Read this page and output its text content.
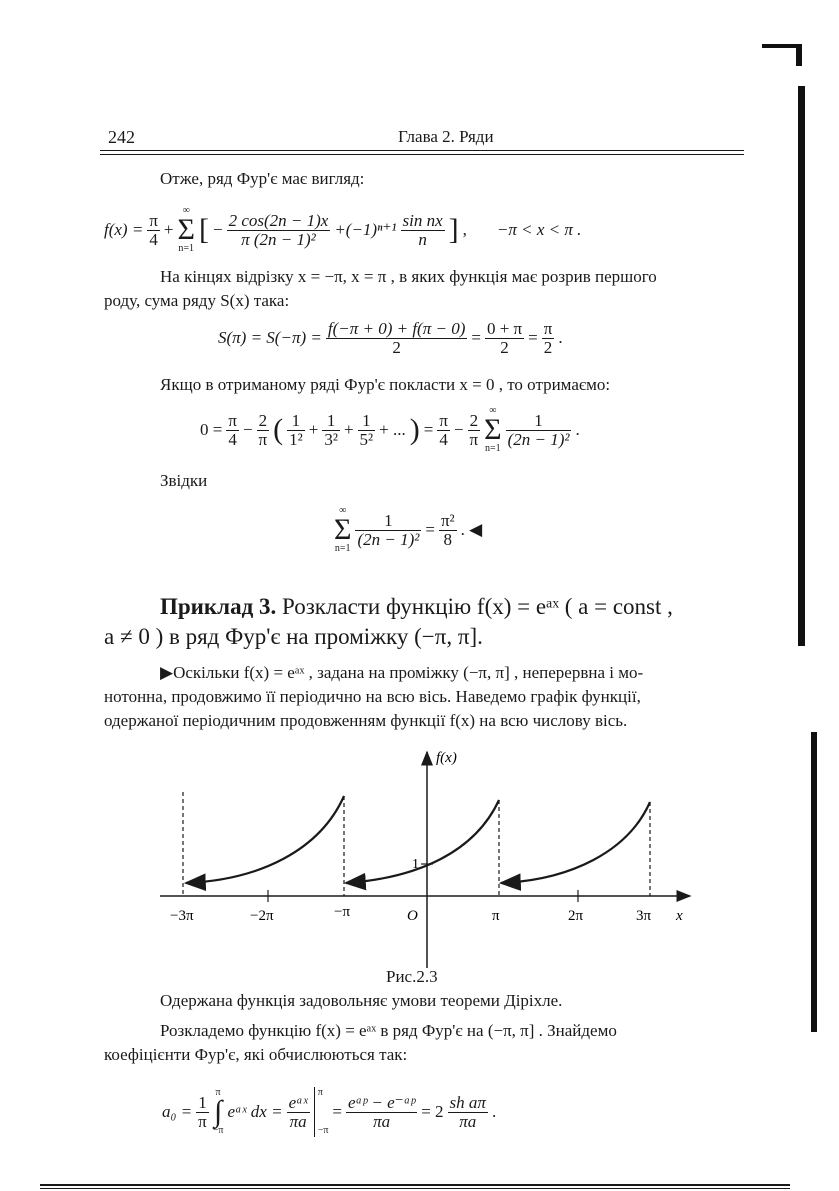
242	Глава 2. Ряди
Отже, ряд Фур'є має вигляд:
$f(x) = \frac{\pi}{4}$ +
∞
Σ
n=1
[ − $\frac{2 \cos(2n - 1)x}{\text{π (2n − 1)²}} +(-1)^{n+1} \frac{\text{sin nx}}{n}$ ] , −π < x < π .
На кінцях відрізку x = −π, x = π , в яких функція має розрив першого
роду, сума ряду S(x) така:
$S(\pi) = S(-\pi) = \frac{f(-\pi + 0) + f(\pi - 0)}{2} = \frac{0 + \pi}{2} = \frac{\pi}{2}$ .
Якщо в отриманому ряді Фур'є покласти x = 0 , то отримаємо:
$0 = \frac{\pi}{4} - \frac{2}{\pi}$ ( $\frac{1}{\text{1²}} + \frac{1}{\text{3²}} + \frac{1}{\text{5²}}$ + ... ) = $\frac{\pi}{4} - \frac{2}{\pi}$
∞
Σ
$n=1 \frac{1}{\text{(2n − 1)²}}$ .
Звідки
∞
Σ
$n=1 \frac{1}{\text{(2n − 1)²}} = \frac{\text{π²}}{8}$ . ◀
Приклад 3. Розкласти функцію f(x) = eᵃˣ ( a = const ,
a ≠ 0 ) в ряд Фур'є на проміжку (−π, π].
▶Оскільки f(x) = eᵃˣ , задана на проміжку (−π, π] , неперервна і мо-
нотонна, продовжимо її періодично на всю вісь. Наведемо графік функції,
одержаної періодичним продовженням функції f(x) на всю числову вісь.
f(x)
1
O	x
−3π	−2π	−π	π	2π	3π
Рис.2.3
Одержана функція задовольняє умови теореми Діріхле.
Розкладемо функцію f(x) = eᵃˣ в ряд Фур'є на (−π, π] . Знайдемо
коефіцієнти Фур'є, які обчислюються так:
$a_0 = \frac{1}{\pi}$
π
∫
−π
eᵃˣ dx = $\frac{\text{eᵃˣ}}{\pi a}$
π

−π
= $\frac{\text{eᵃᵖ − e⁻ᵃᵖ}}{\pi a} = 2 \frac{\text{sh aπ}}{\pi a}$ .
